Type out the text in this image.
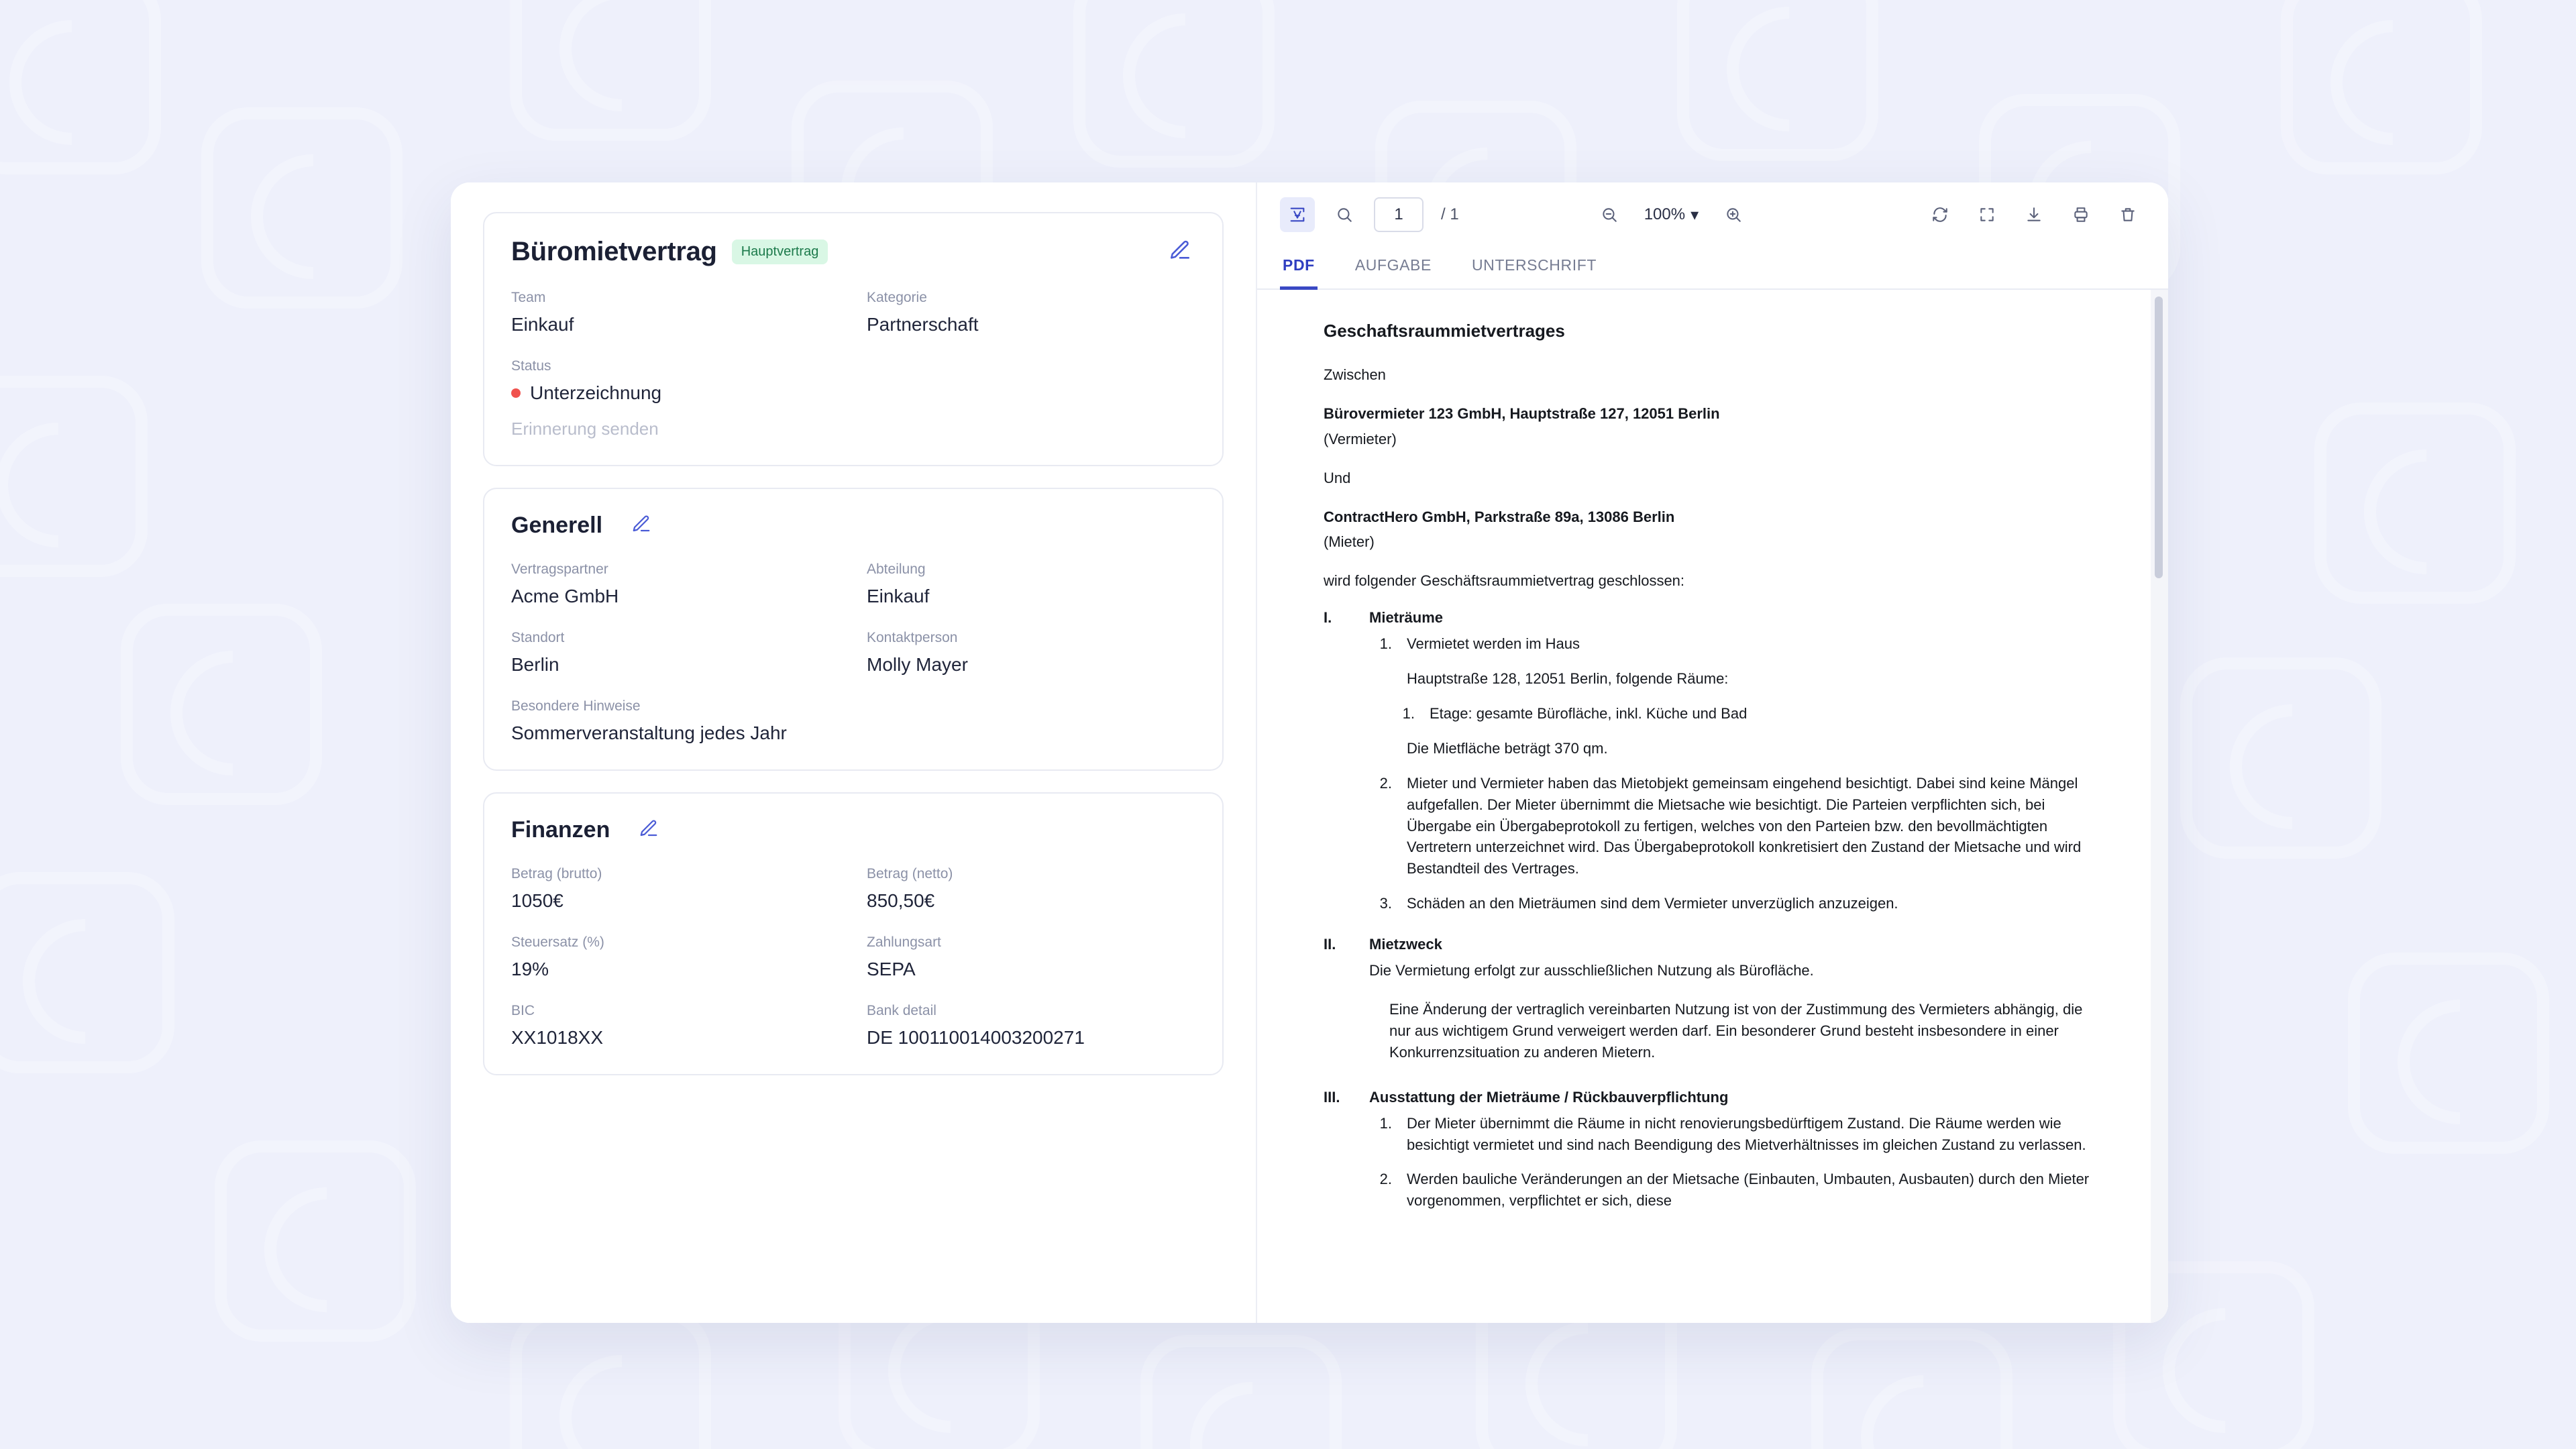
Büromietvertrag	Hauptvertrag
Team
Einkauf
Kategorie
Partnerschaft
Status
Unterzeichnung
Erinnerung senden
Generell
Vertragspartner
Acme GmbH
Abteilung
Einkauf
Standort
Berlin
Kontaktperson
Molly Mayer
Besondere Hinweise
Sommerveranstaltung jedes Jahr
Finanzen
Betrag (brutto)
1050€
Betrag (netto)
850,50€
Steuersatz (%)
19%
Zahlungsart
SEPA
BIC
XX1018XX
Bank detail
DE 100110014003200271
1
/ 1	100% ▾
PDF	AUFGABE	UNTERSCHRIFT
Geschaftsraummietvertrages
Zwischen
Bürovermieter 123 GmbH, Hauptstraße 127, 12051 Berlin
(Vermieter)
Und
ContractHero GmbH, Parkstraße 89a, 13086 Berlin
(Mieter)
wird folgender Geschäftsraummietvertrag geschlossen:
I.	Mieträume
1. Vermietet werden im Haus
Hauptstraße 128, 12051 Berlin, folgende Räume:
1. Etage: gesamte Bürofläche, inkl. Küche und Bad
Die Mietfläche beträgt 370 qm.
2. Mieter und Vermieter haben das Mietobjekt gemeinsam eingehend besichtigt. Dabei sind keine Mängel aufgefallen. Der Mieter übernimmt die Mietsache wie besichtigt. Die Parteien verpflichten sich, bei Übergabe ein Übergabeprotokoll zu fertigen, welches von den Parteien bzw. den bevollmächtigten Vertretern unterzeichnet wird. Das Übergabeprotokoll konkretisiert den Zustand der Mietsache und wird Bestandteil des Vertrages.
3. Schäden an den Mieträumen sind dem Vermieter unverzüglich anzuzeigen.
II.	Mietzweck
Die Vermietung erfolgt zur ausschließlichen Nutzung als Bürofläche.
Eine Änderung der vertraglich vereinbarten Nutzung ist von der Zustimmung des Vermieters abhängig, die nur aus wichtigem Grund verweigert werden darf. Ein besonderer Grund besteht insbesondere in einer Konkurrenzsituation zu anderen Mietern.
III.	Ausstattung der Mieträume / Rückbauverpflichtung
1. Der Mieter übernimmt die Räume in nicht renovierungsbedürftigem Zustand. Die Räume werden wie besichtigt vermietet und sind nach Beendigung des Mietverhältnisses im gleichen Zustand zu verlassen.
2. Werden bauliche Veränderungen an der Mietsache (Einbauten, Umbauten, Ausbauten) durch den Mieter vorgenommen, verpflichtet er sich, diese
